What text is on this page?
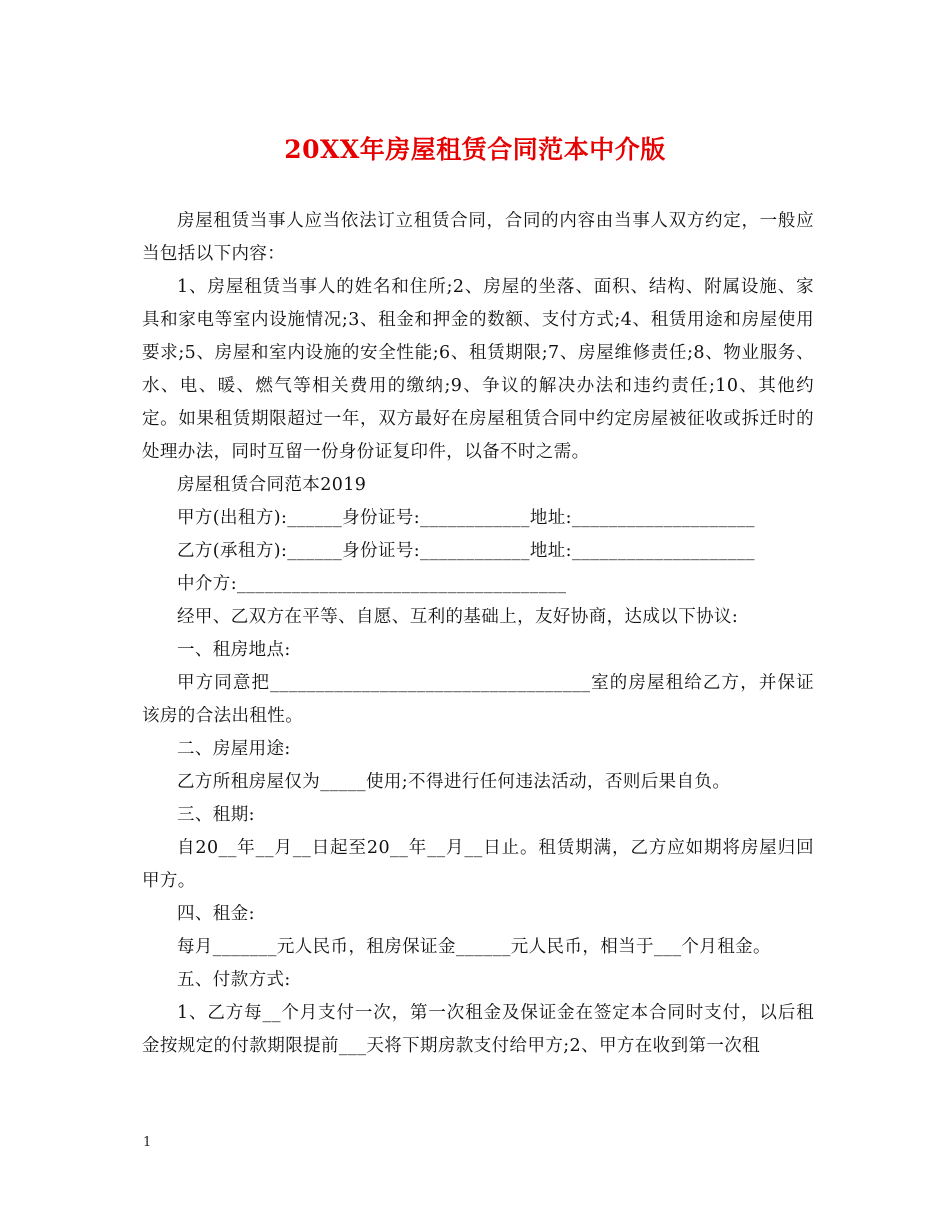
20XX年房屋租赁合同范本中介版

房屋租赁当事人应当依法订立租赁合同，合同的内容由当事人双方约定，一般应当包括以下内容：

1、房屋租赁当事人的姓名和住所;2、房屋的坐落、面积、结构、附属设施、家具和家电等室内设施情况;3、租金和押金的数额、支付方式;4、租赁用途和房屋使用要求;5、房屋和室内设施的安全性能;6、租赁期限;7、房屋维修责任;8、物业服务、水、电、暖、燃气等相关费用的缴纳;9、争议的解决办法和违约责任;10、其他约定。如果租赁期限超过一年，双方最好在房屋租赁合同中约定房屋被征收或拆迁时的处理办法，同时互留一份身份证复印件，以备不时之需。

房屋租赁合同范本2019

甲方(出租方):______身份证号:____________地址:____________________

乙方(承租方):______身份证号:____________地址:____________________

中介方:____________________________________

经甲、乙双方在平等、自愿、互利的基础上，友好协商，达成以下协议:

一、租房地点:

甲方同意把___________________________________室的房屋租给乙方，并保证该房的合法出租性。

二、房屋用途:

乙方所租房屋仅为_____使用;不得进行任何违法活动，否则后果自负。

三、租期:

自20__年__月__日起至20__年__月__日止。租赁期满，乙方应如期将房屋归回甲方。

四、租金:

每月_______元人民币，租房保证金______元人民币，相当于___个月租金。

五、付款方式:

1、乙方每__个月支付一次，第一次租金及保证金在签定本合同时支付，以后租金按规定的付款期限提前___天将下期房款支付给甲方;2、甲方在收到第一次租

1
